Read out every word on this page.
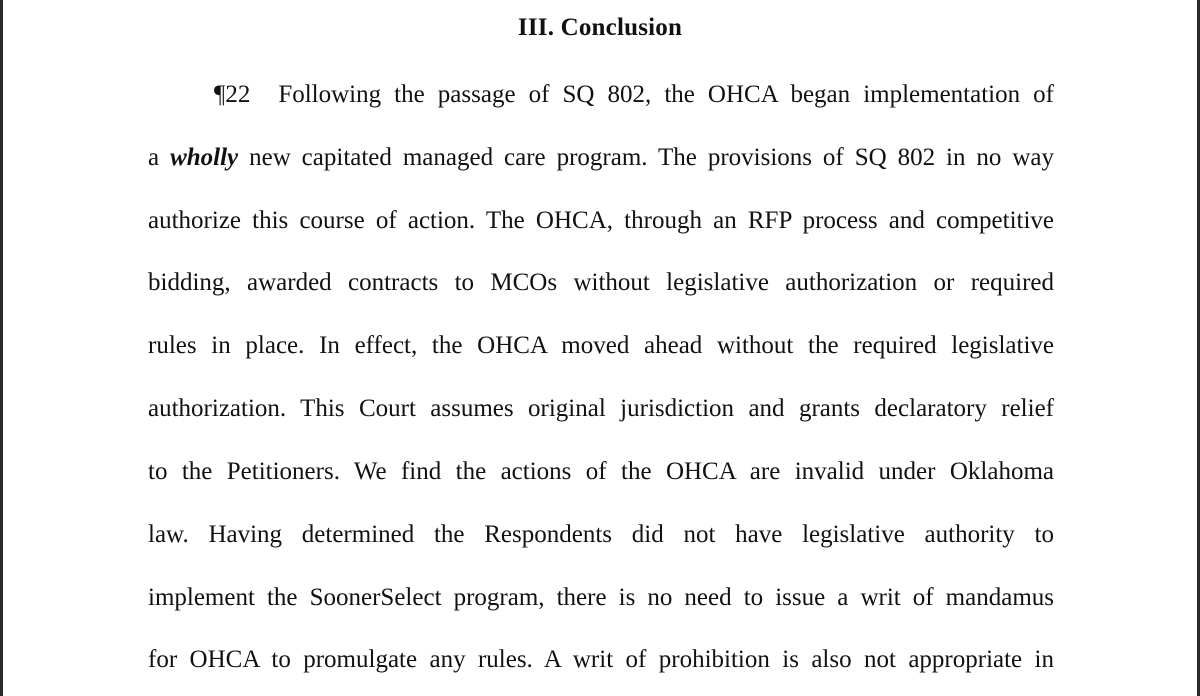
III. Conclusion
¶22 Following the passage of SQ 802, the OHCA began implementation of
a wholly new capitated managed care program. The provisions of SQ 802 in no way
authorize this course of action. The OHCA, through an RFP process and competitive
bidding, awarded contracts to MCOs without legislative authorization or required
rules in place. In effect, the OHCA moved ahead without the required legislative
authorization. This Court assumes original jurisdiction and grants declaratory relief
to the Petitioners. We find the actions of the OHCA are invalid under Oklahoma
law. Having determined the Respondents did not have legislative authority to
implement the SoonerSelect program, there is no need to issue a writ of mandamus
for OHCA to promulgate any rules. A writ of prohibition is also not appropriate in
